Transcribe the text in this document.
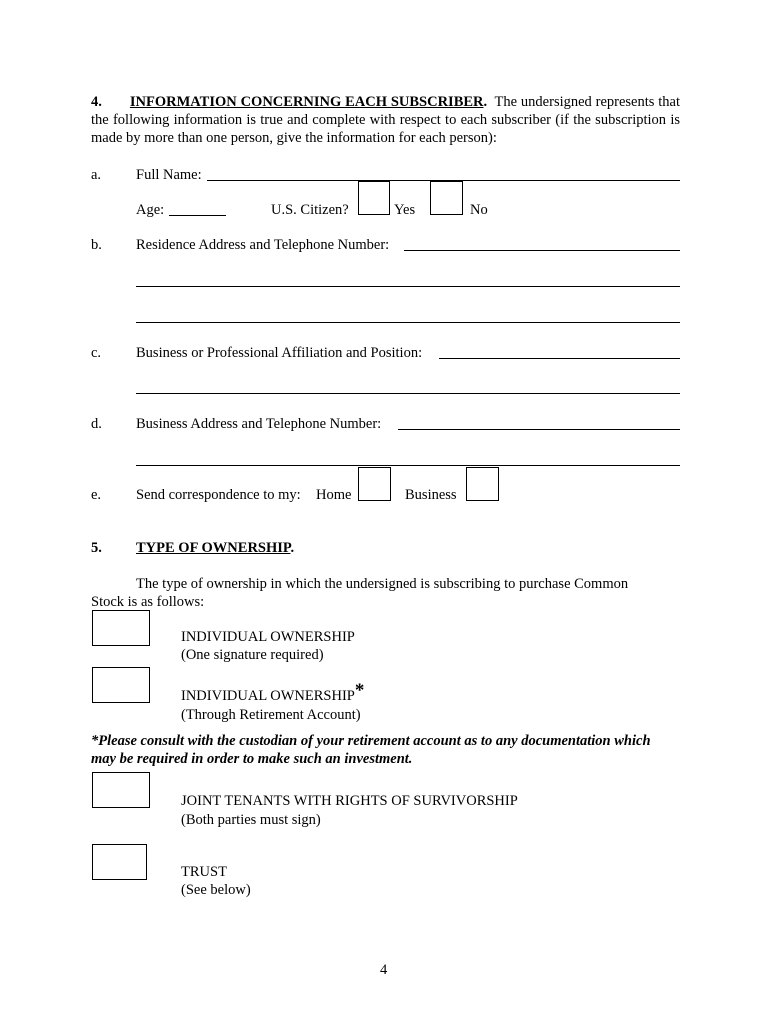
4. INFORMATION CONCERNING EACH SUBSCRIBER. The undersigned represents that the following information is true and complete with respect to each subscriber (if the subscription is made by more than one person, give the information for each person):
a. Full Name:
Age:	U.S. Citizen?	Yes	No
b. Residence Address and Telephone Number:
c. Business or Professional Affiliation and Position:
d. Business Address and Telephone Number:
e. Send correspondence to my: Home	Business
5. TYPE OF OWNERSHIP.
The type of ownership in which the undersigned is subscribing to purchase Common
Stock is as follows:
INDIVIDUAL OWNERSHIP
(One signature required)
INDIVIDUAL OWNERSHIP*
(Through Retirement Account)
*Please consult with the custodian of your retirement account as to any documentation which
may be required in order to make such an investment.
JOINT TENANTS WITH RIGHTS OF SURVIVORSHIP
(Both parties must sign)
TRUST
(See below)
4
